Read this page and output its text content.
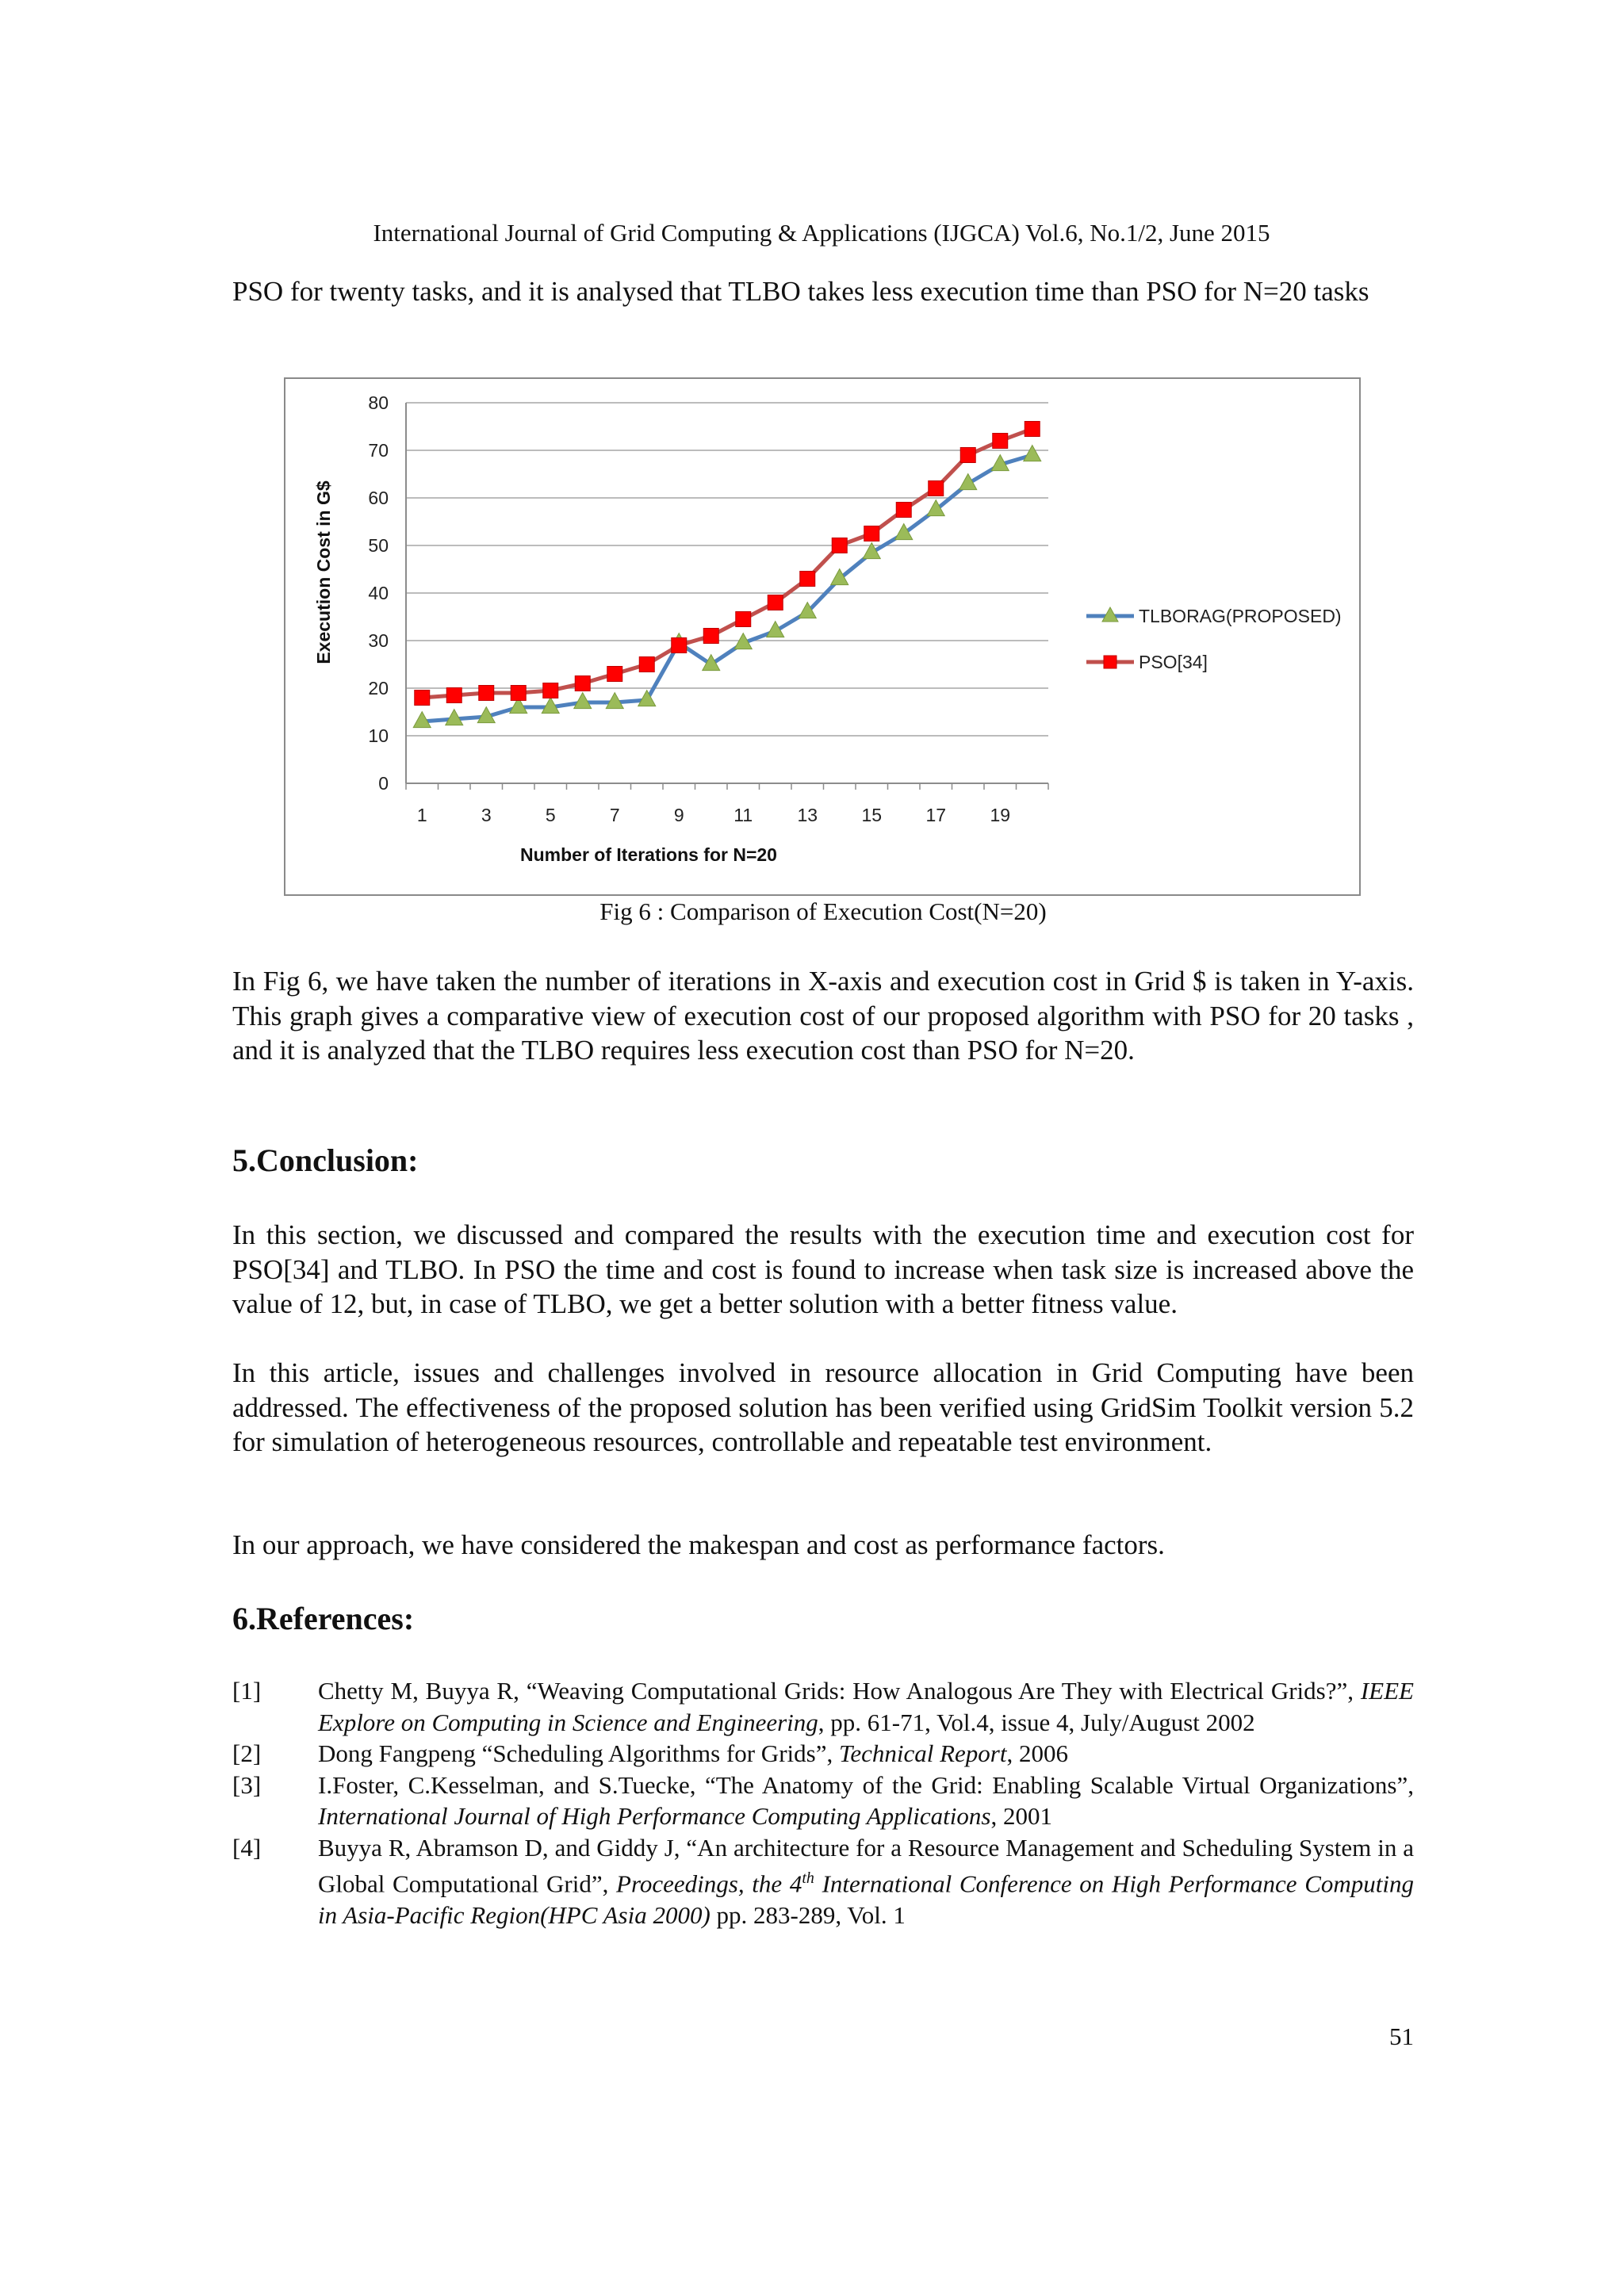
International Journal of Grid Computing & Applications (IJGCA) Vol.6, No.1/2, June 2015

PSO for twenty tasks, and it is analysed that TLBO takes less execution time than PSO for N=20 tasks

0
10
20
30
40
50
60
70
80
1	3	5	7	9	11 13 15 17 19
TLBORAG(PROPOSED)
PSO[34]
Execution Cost in G$
Number of Iterations for N=20
Fig 6 : Comparison of Execution Cost(N=20)

In Fig 6, we have taken the number of iterations in X-axis and execution cost in Grid $ is taken in Y-axis. This graph gives a comparative view of execution cost of our proposed algorithm with PSO for 20 tasks , and it is analyzed that the TLBO requires less execution cost than PSO for N=20.

5.Conclusion:

In this section, we discussed and compared the results with the execution time and execution cost for PSO[34] and TLBO. In PSO the time and cost is found to increase when task size is increased above the value of 12, but, in case of TLBO, we get a better solution with a better fitness value.

In this article, issues and challenges involved in resource allocation in Grid Computing have been addressed. The effectiveness of the proposed solution has been verified using GridSim Toolkit version 5.2 for simulation of heterogeneous resources, controllable and repeatable test environment.

In our approach, we have considered the makespan and cost as performance factors.

6.References:
[1] Chetty M, Buyya R, “Weaving Computational Grids: How Analogous Are They with Electrical Grids?”, IEEE Explore on Computing in Science and Engineering, pp. 61-71, Vol.4, issue 4, July/August 2002
[2] Dong Fangpeng “Scheduling Algorithms for Grids”, Technical Report, 2006
[3] I.Foster, C.Kesselman, and S.Tuecke, “The Anatomy of the Grid: Enabling Scalable Virtual Organizations”, International Journal of High Performance Computing Applications, 2001
[4] Buyya R, Abramson D, and Giddy J, “An architecture for a Resource Management and Scheduling System in a Global Computational Grid”, Proceedings, the 4th International Conference on High Performance Computing in Asia-Pacific Region(HPC Asia 2000) pp. 283-289, Vol. 1
51
